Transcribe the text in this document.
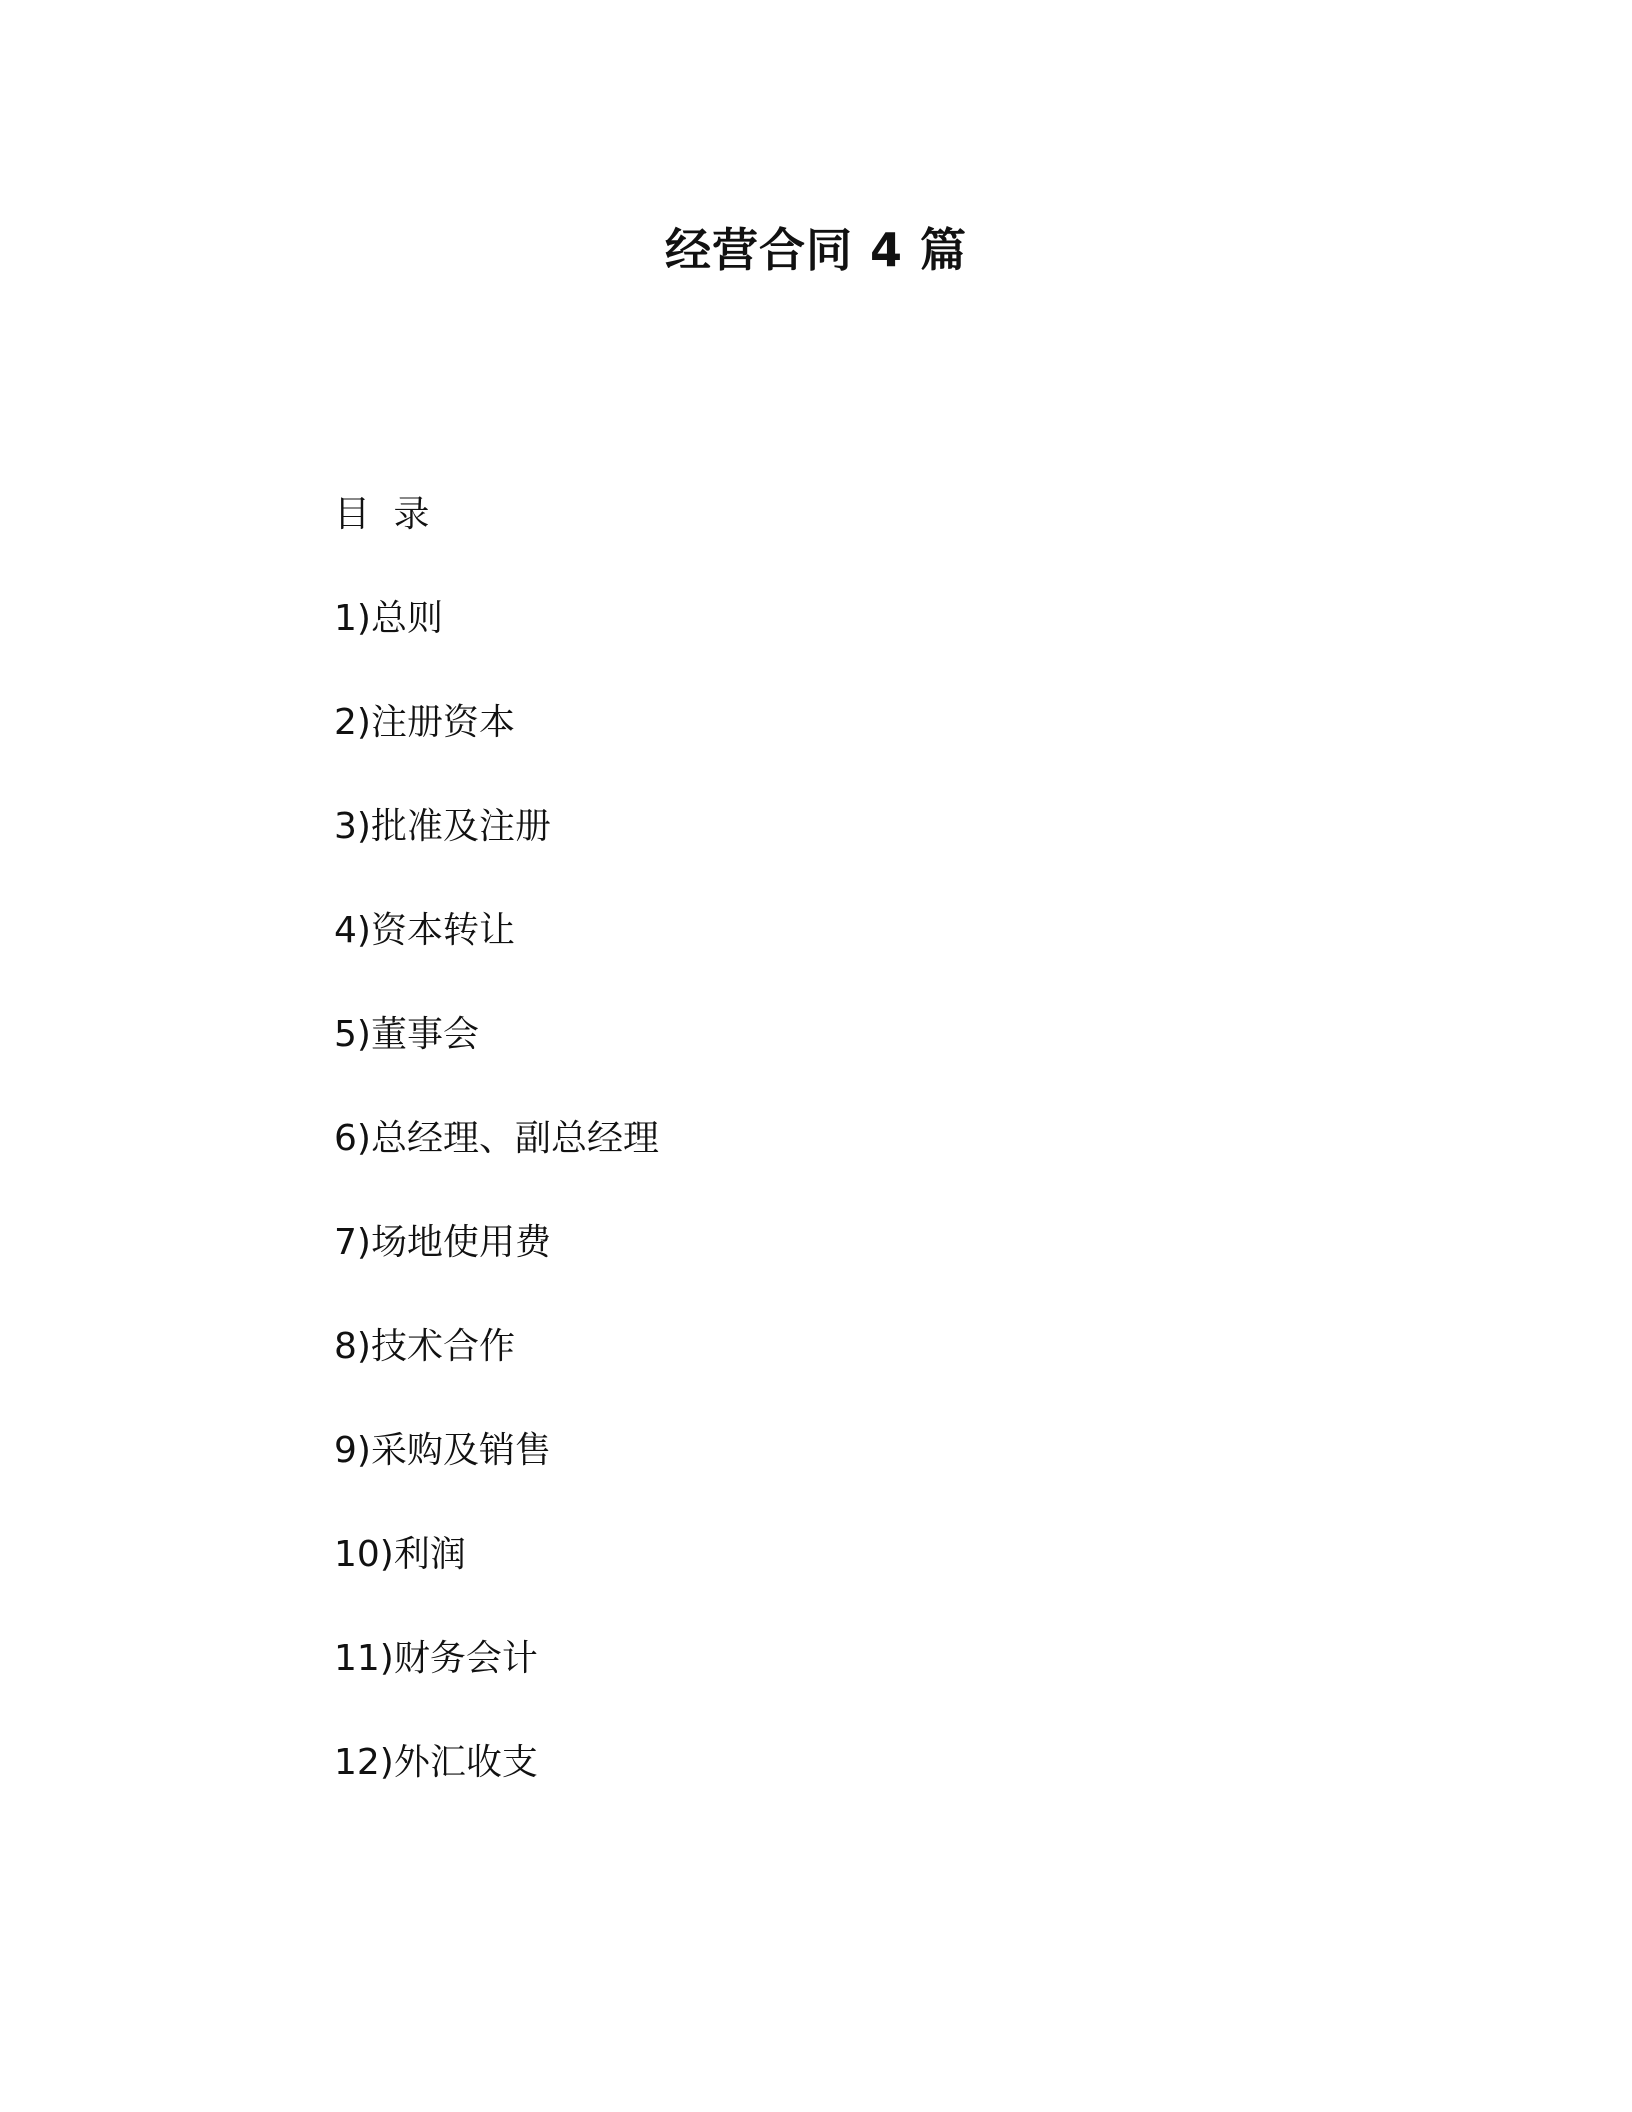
经营合同 4 篇
目 录
1)总则
2)注册资本
3)批准及注册
4)资本转让
5)董事会
6)总经理、副总经理
7)场地使用费
8)技术合作
9)采购及销售
10)利润
11)财务会计
12)外汇收支
